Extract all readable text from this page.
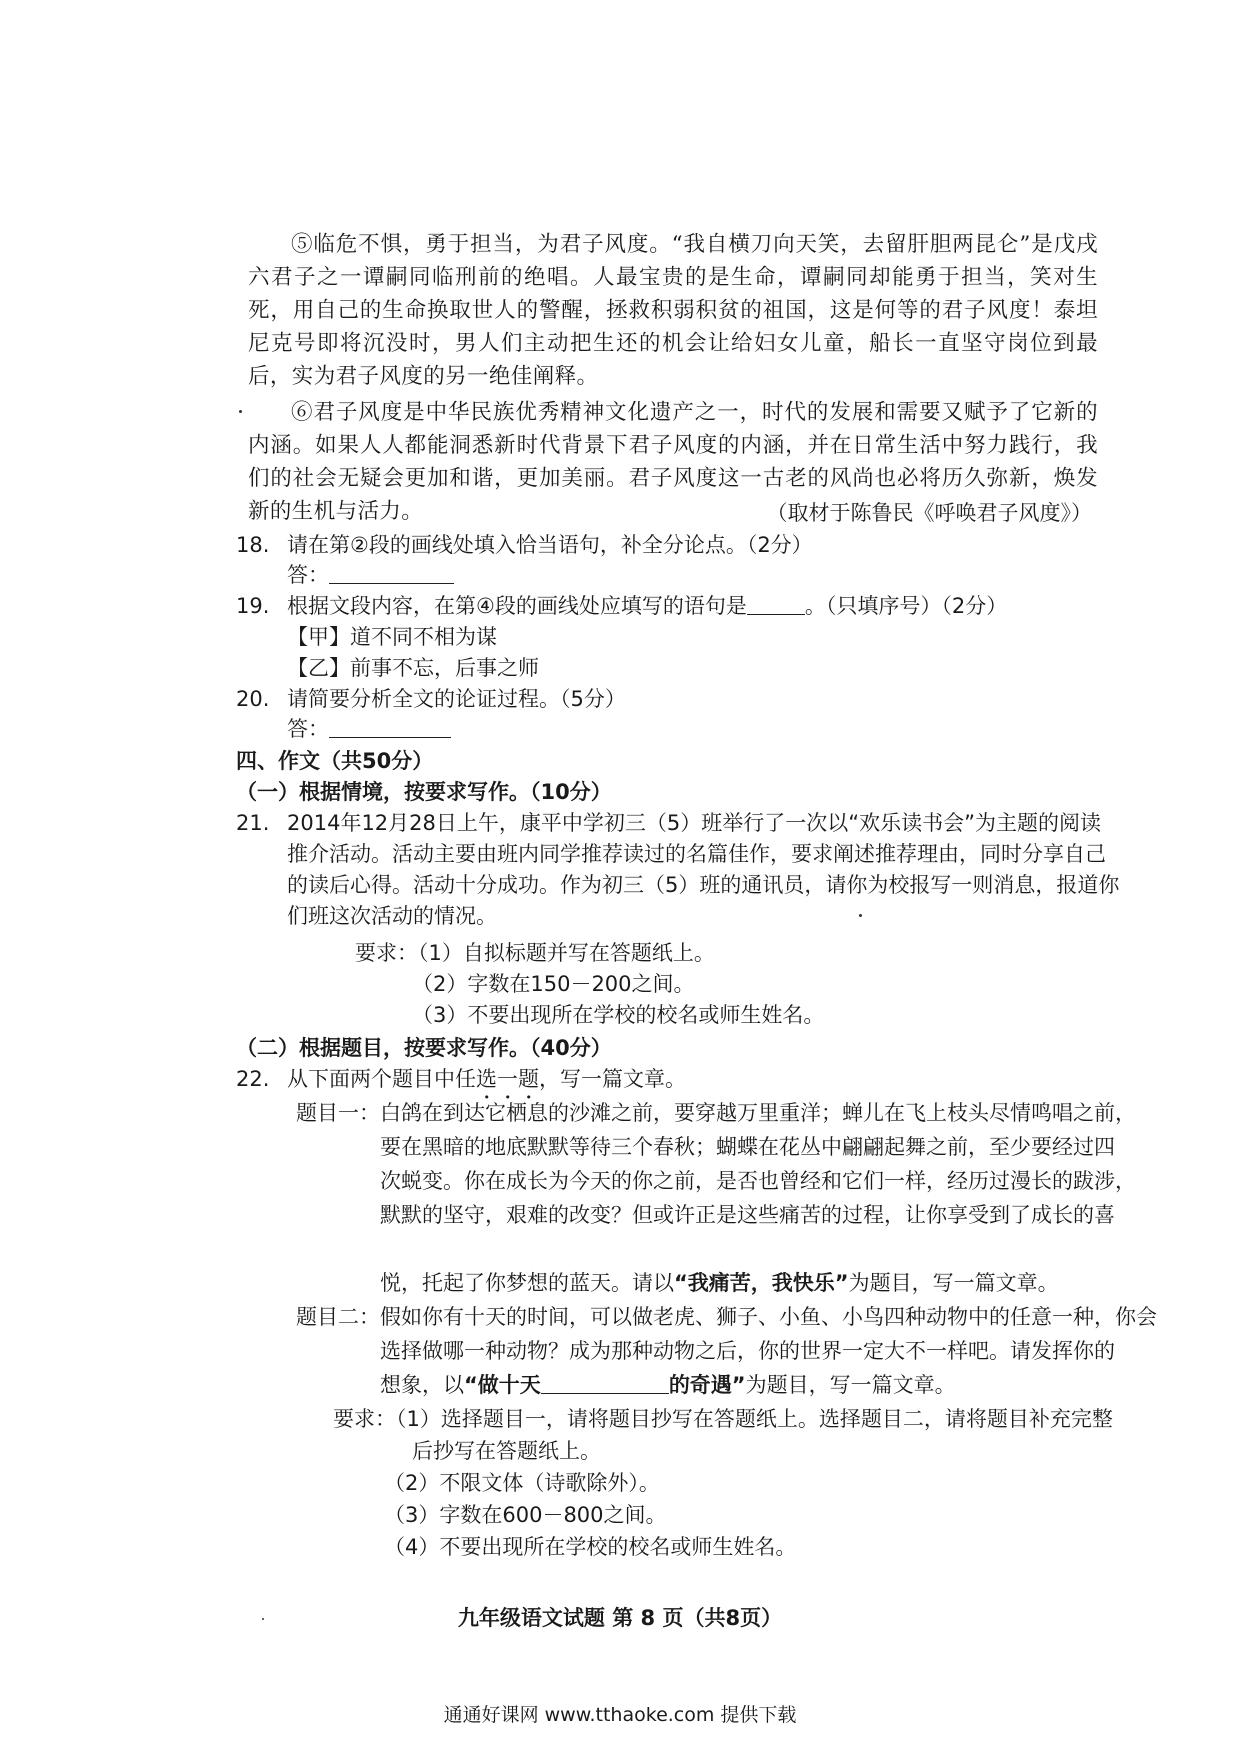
⑤临危不惧，勇于担当，为君子风度。“我自横刀向天笑，去留肝胆两昆仑”是戊戌六君子之一谭嗣同临刑前的绝唱。人最宝贵的是生命，谭嗣同却能勇于担当，笑对生死，用自己的生命换取世人的警醒，拯救积弱积贫的祖国，这是何等的君子风度！泰坦尼克号即将沉没时，男人们主动把生还的机会让给妇女儿童，船长一直坚守岗位到最后，实为君子风度的另一绝佳阐释。

⑥君子风度是中华民族优秀精神文化遗产之一，时代的发展和需要又赋予了它新的内涵。如果人人都能洞悉新时代背景下君子风度的内涵，并在日常生活中努力践行，我们的社会无疑会更加和谐，更加美丽。君子风度这一古老的风尚也必将历久弥新，焕发新的生机与活力。	（取材于陈鲁民《呼唤君子风度》）
18. 请在第②段的画线处填入恰当语句，补全分论点。（2分）
答：
19. 根据文段内容，在第④段的画线处应填写的语句是	。（只填序号）（2分）
【甲】道不同不相为谋
【乙】前事不忘，后事之师
20. 请简要分析全文的论证过程。（5分）
答：
四、作文（共50分）
（一）根据情境，按要求写作。（10分）
21. 2014年12月28日上午，康平中学初三（5）班举行了一次以“欢乐读书会”为主题的阅读
推介活动。活动主要由班内同学推荐读过的名篇佳作，要求阐述推荐理由，同时分享自己
的读后心得。活动十分成功。作为初三（5）班的通讯员，请你为校报写一则消息，报道你
们班这次活动的情况。
要求：（1）自拟标题并写在答题纸上。
（2）字数在150－200之间。
（3）不要出现所在学校的校名或师生姓名。
（二）根据题目，按要求写作。（40分）
22. 从下面两个题目中任选一题，写一篇文章。
题目一： 白鸽在到达它栖息的沙滩之前，要穿越万里重洋；蝉儿在飞上枝头尽情鸣唱之前，
要在黑暗的地底默默等待三个春秋；蝴蝶在花丛中翩翩起舞之前，至少要经过四
次蜕变。你在成长为今天的你之前，是否也曾经和它们一样，经历过漫长的跋涉，
默默的坚守，艰难的改变？但或许正是这些痛苦的过程，让你享受到了成长的喜
悦，托起了你梦想的蓝天。请以“我痛苦，我快乐”为题目，写一篇文章。
题目二： 假如你有十天的时间，可以做老虎、狮子、小鱼、小鸟四种动物中的任意一种，你会
选择做哪一种动物？成为那种动物之后，你的世界一定大不一样吧。请发挥你的
想象，以“做十天	的奇遇”为题目，写一篇文章。
要求：（1）选择题目一，请将题目抄写在答题纸上。选择题目二，请将题目补充完整
后抄写在答题纸上。
（2）不限文体（诗歌除外）。
（3）字数在600－800之间。
（4）不要出现所在学校的校名或师生姓名。
九年级语文试题 第 8 页（共8页）
通通好课网 www.tthaoke.com 提供下载
